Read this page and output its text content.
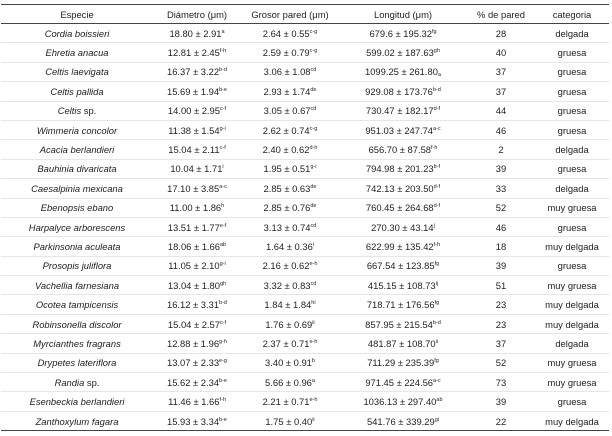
Especie	Diámetro (μm)	Grosor pared (μm)	Longitud (μm)	% de pared	categoria
Cordia boissieri	18.80 ± 2.91$^a$	$2.64 \pm 0.55^{c-g}$	679.6 ± 195.32$^{fg}$	28	delgada
Ehretia anacua	$12.81 \pm 2.45^{f-h}$	$2.59 \pm 0.79^{c-g}$	599.02 ± 187.63$^{gh}$	40	gruesa
Celtis laevigata	$16.37 \pm 3.22^{b-d}$	3.06 ± 1.08$^{cd}$	$1099.25 \pm 261.80_a$	37	gruesa
Celtis pallida	$15.69 \pm 1.94^{b-e}$	2.93 ± 1.74de	$929.08 \pm 173.76^{b-d}$	37	gruesa
Celtis sp.	$14.00 \pm 2.95^{c-f}$	3.05 ± 0.67$^{cd}$	$730.47 \pm 182.17^{d-f}$	44	gruesa
Wimmeria concolor	$11.38 \pm 1.54^{g-i}$	$2.62 \pm 0.74^{c-g}$	$951.03 \pm 247.74^{a-c}$	46	gruesa
Acacia berlandieri	$15.04 \pm 2.11^{c-f}$	$2.40 \pm 0.62^{d-h}$	$656.70 \pm 87.58^{f-h}$	2	delgada
Bauhinia divaricata	$10.04 \pm 1.71^i$	$1.95 \pm 0.51^{g-i}$	$794.98 \pm 201.23^{b-f}$	39	gruesa
Caesalpinia mexicana	$17.10 \pm 3.85^{a-c}$	2.85 ± 0.63de	$742.13 \pm 203.50^{d-f}$	33	delgada
Ebenopsis ebano	11.00 ± 1.86$^h$	2.85 ± 0.76de	$760.45 \pm 264.68^{d-f}$	52	muy gruesa
Harpalyce arborescens	$13.51 \pm 1.77^{e-f}$	3.13 ± 0.74$^{cd}$	$270.30 \pm 43.14^j$	46	gruesa
Parkinsonia aculeata	18.06 ± 1.66$^{ab}$	$1.64 \pm 0.36^i$	$622.99 \pm 135.42^{f-h}$	18	muy delgada
Prosopis juliflora	$11.05 \pm 2.10^{g-i}$	$2.16 \pm 0.62^{e-h}$	667.54 ± 123.85$^{fg}$	39	gruesa
Vachellia farnesiana	13.04 ± 1.80$^{gh}$	3.32 ± 0.83$^{cd}$	$415.15 \pm 108.73^{ij}$	51	muy gruesa
Ocotea tampicensis	$16.12 \pm 3.31^{b-d}$	$1.84 \pm 1.84^{hi}$	718.71 ± 176.56$^{fg}$	23	muy delgada
Robinsonella discolor	$15.04 \pm 2.57^{c-f}$	$1.76 \pm 0.69^{ii}$	$857.95 \pm 215.54^{b-d}$	23	muy delgada
Myrcianthes fragrans	$12.88 \pm 1.96^{g-h}$	$2.37 \pm 0.71^{e-h}$	$481.87 \pm 108.70^{ii}$	37	delgada
Drypetes lateriflora	$13.07 \pm 2.33^{e-g}$	3.40 ± 0.91$^b$	711.29 ± 235.39$^{fg}$	52	muy gruesa
Randia sp.	$15.62 \pm 2.34^{b-e}$	5.66 ± 0.96$^a$	$971.45 \pm 224.56^{a-c}$	73	muy gruesa
Esenbeckia berlandieri	$11.46 \pm 1.66^{f-h}$	$2.21 \pm 0.71^{e-h}$	1036.13 ± 297.40$^{ab}$	39	gruesa
Zanthoxylum fagara	$15.93 \pm 3.34^{b-e}$	$1.75 \pm 0.40^{ii}$	$541.76 \pm 339.29^{gi}$	22	muy delgada
